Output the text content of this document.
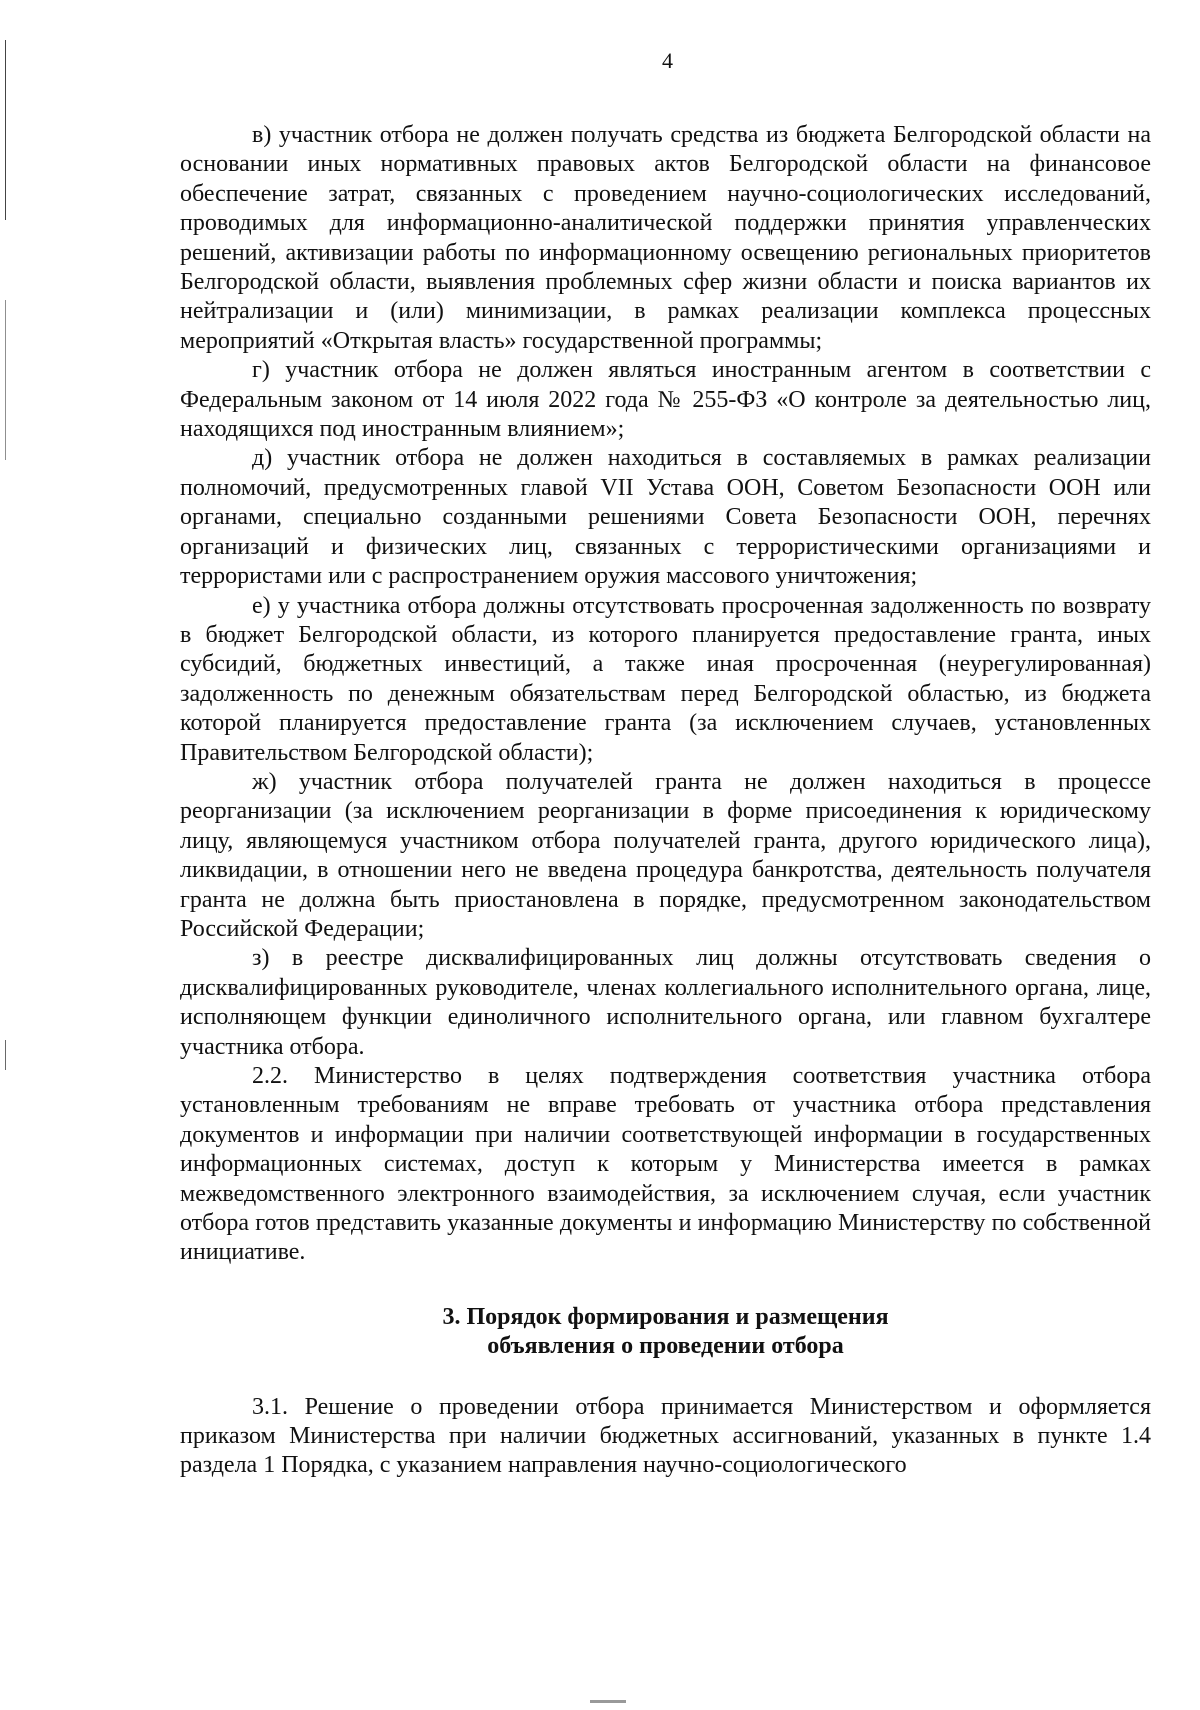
4

в) участник отбора не должен получать средства из бюджета Белгородской области на основании иных нормативных правовых актов Белгородской области на финансовое обеспечение затрат, связанных с проведением научно-социологических исследований, проводимых для информационно-аналитической поддержки принятия управленческих решений, активизации работы по информационному освещению региональных приоритетов Белгородской области, выявления проблемных сфер жизни области и поиска вариантов их нейтрализации и (или) минимизации, в рамках реализации комплекса процессных мероприятий «Открытая власть» государственной программы;

г) участник отбора не должен являться иностранным агентом в соответствии с Федеральным законом от 14 июля 2022 года № 255-ФЗ «О контроле за деятельностью лиц, находящихся под иностранным влиянием»;

д) участник отбора не должен находиться в составляемых в рамках реализации полномочий, предусмотренных главой VII Устава ООН, Советом Безопасности ООН или органами, специально созданными решениями Совета Безопасности ООН, перечнях организаций и физических лиц, связанных с террористическими организациями и террористами или с распространением оружия массового уничтожения;

е) у участника отбора должны отсутствовать просроченная задолженность по возврату в бюджет Белгородской области, из которого планируется предоставление гранта, иных субсидий, бюджетных инвестиций, а также иная просроченная (неурегулированная) задолженность по денежным обязательствам перед Белгородской областью, из бюджета которой планируется предоставление гранта (за исключением случаев, установленных Правительством Белгородской области);

ж) участник отбора получателей гранта не должен находиться в процессе реорганизации (за исключением реорганизации в форме присоединения к юридическому лицу, являющемуся участником отбора получателей гранта, другого юридического лица), ликвидации, в отношении него не введена процедура банкротства, деятельность получателя гранта не должна быть приостановлена в порядке, предусмотренном законодательством Российской Федерации;

з) в реестре дисквалифицированных лиц должны отсутствовать сведения о дисквалифицированных руководителе, членах коллегиального исполнительного органа, лице, исполняющем функции единоличного исполнительного органа, или главном бухгалтере участника отбора.

2.2. Министерство в целях подтверждения соответствия участника отбора установленным требованиям не вправе требовать от участника отбора представления документов и информации при наличии соответствующей информации в государственных информационных системах, доступ к которым у Министерства имеется в рамках межведомственного электронного взаимодействия, за исключением случая, если участник отбора готов представить указанные документы и информацию Министерству по собственной инициативе.

3. Порядок формирования и размещения
объявления о проведении отбора

3.1. Решение о проведении отбора принимается Министерством и оформляется приказом Министерства при наличии бюджетных ассигнований, указанных в пункте 1.4 раздела 1 Порядка, с указанием направления научно-социологического
